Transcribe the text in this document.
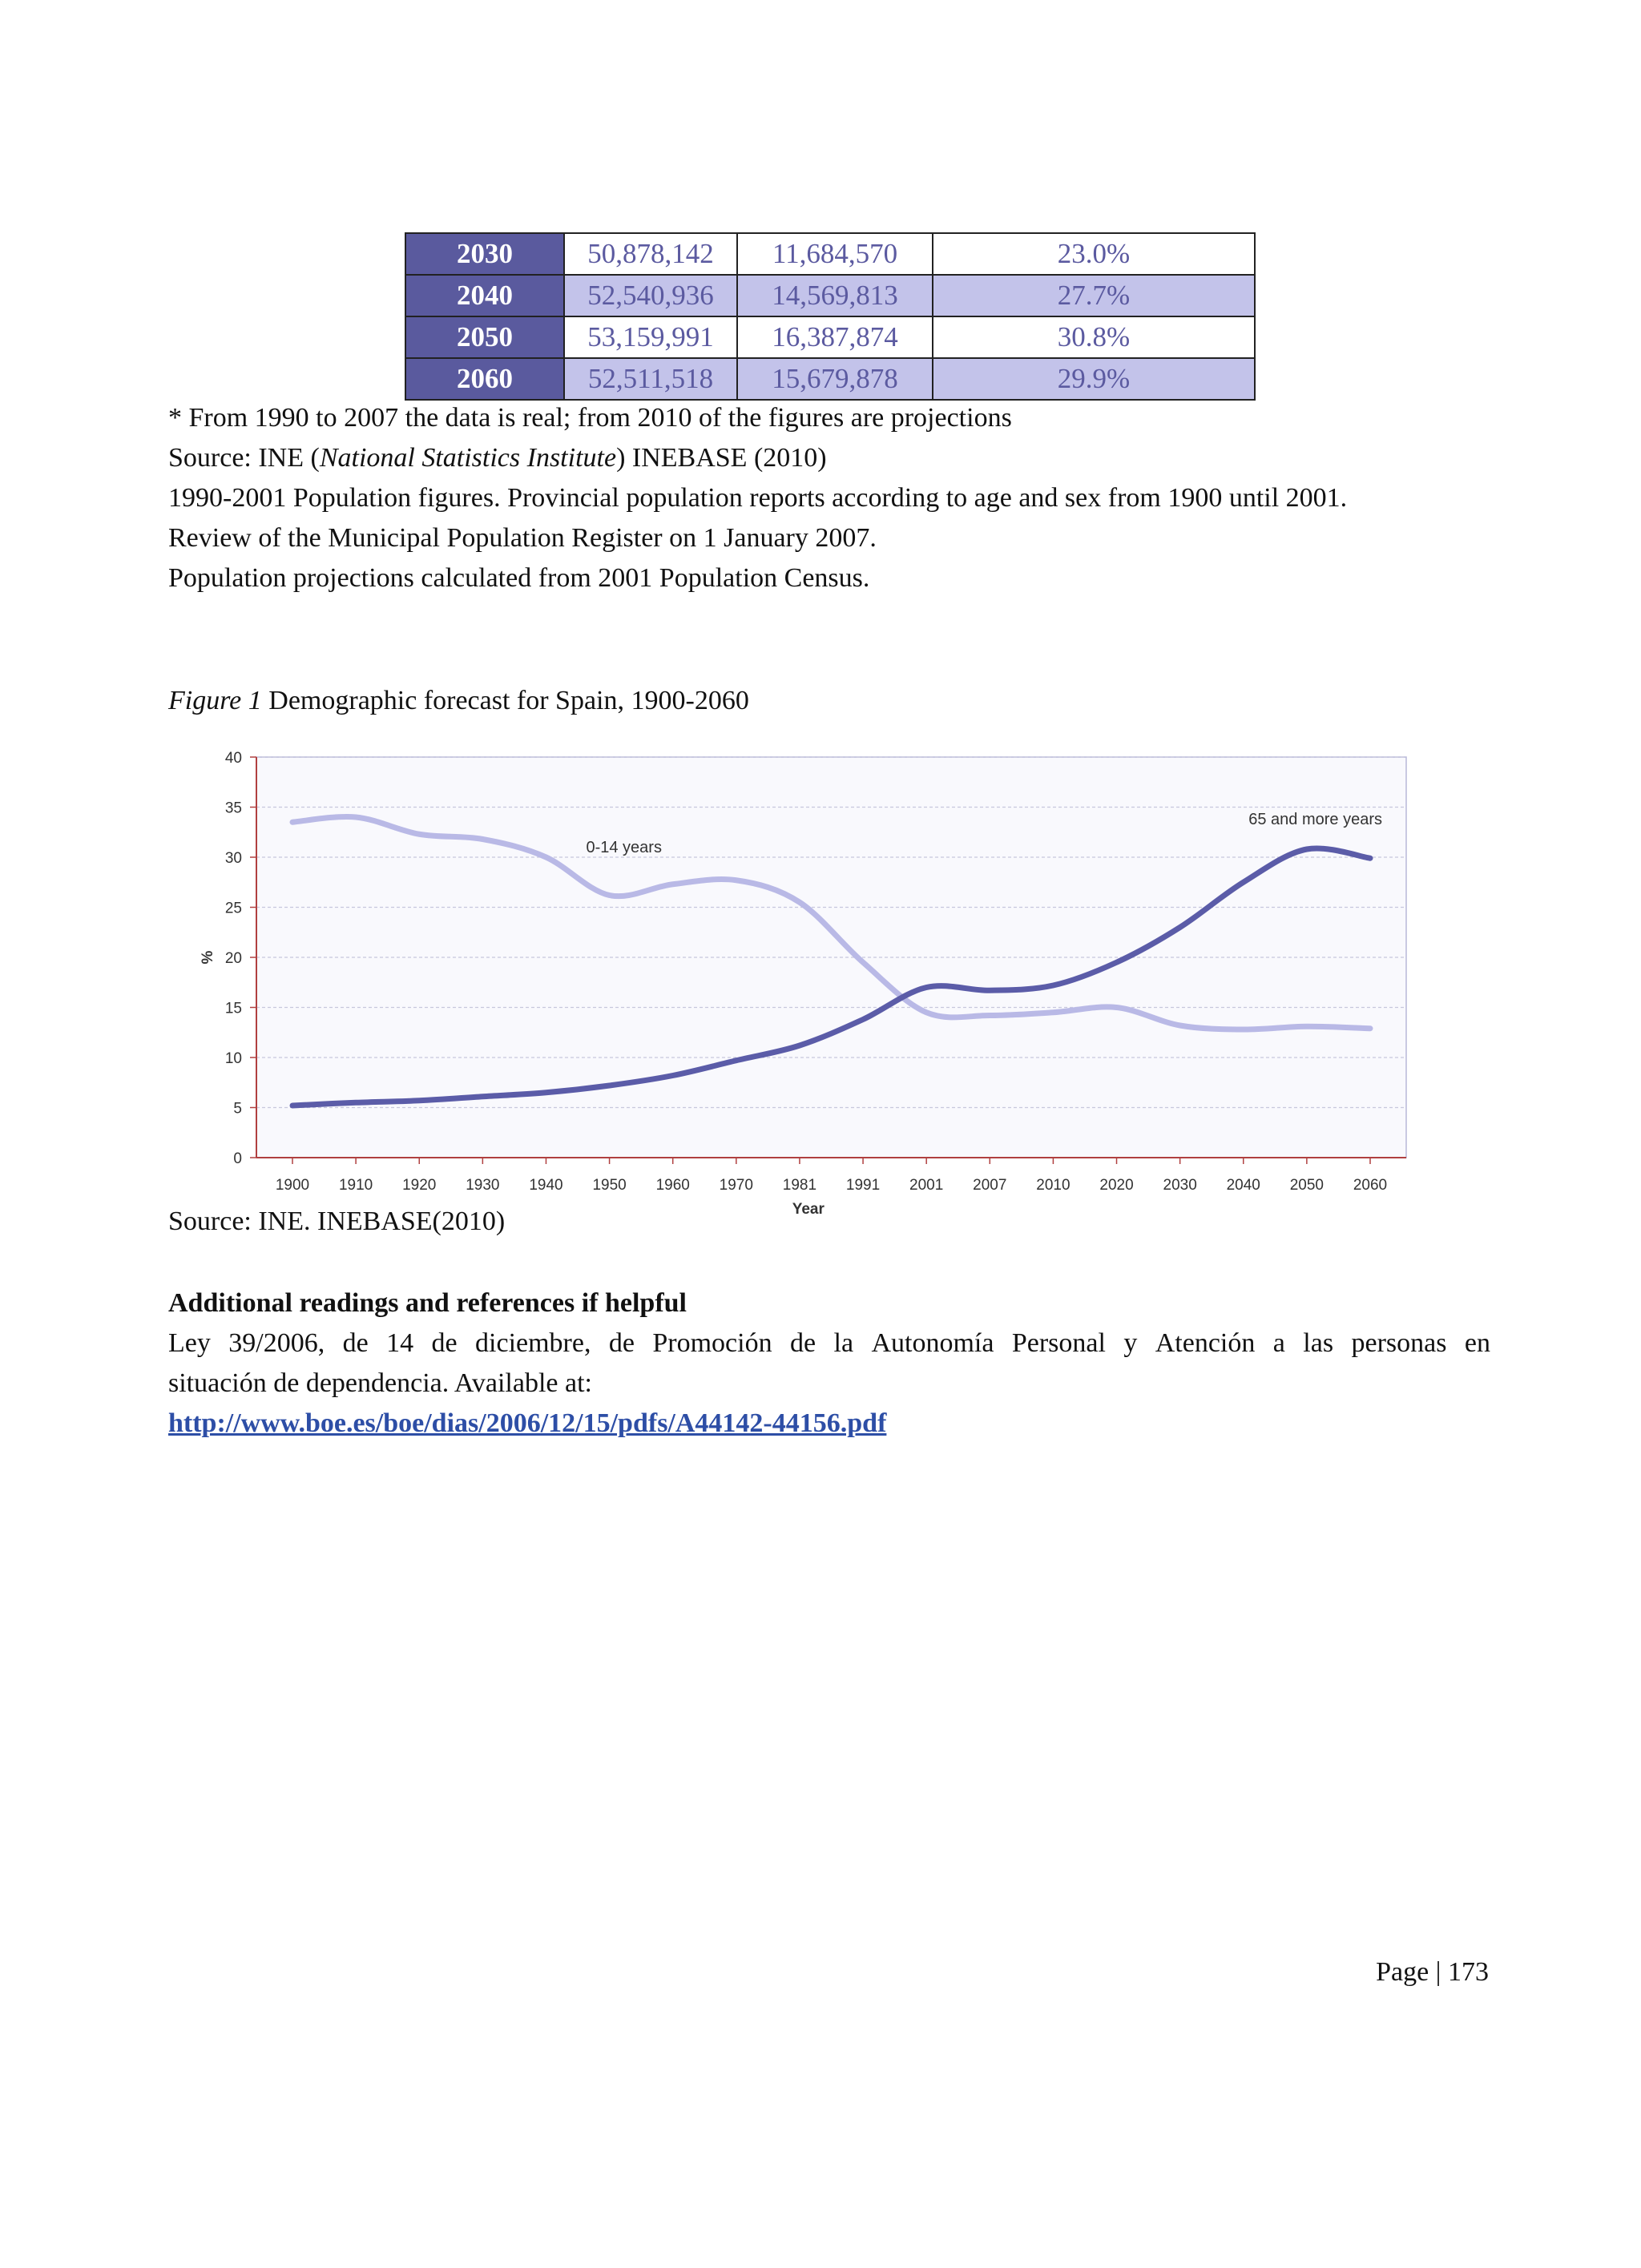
2030	50,878,142	11,684,570	23.0%
2040	52,540,936	14,569,813	27.7%
2050	53,159,991	16,387,874	30.8%
2060	52,511,518	15,679,878	29.9%
* From 1990 to 2007 the data is real; from 2010 of the figures are projections
Source: INE (National Statistics Institute) INEBASE (2010)
1990-2001 Population figures. Provincial population reports according to age and sex from 1900 until 2001.
Review of the Municipal Population Register on 1 January 2007.
Population projections calculated from 2001 Population Census.
Figure 1 Demographic forecast for Spain, 1900-2060
0
5
10
15
20
25
30
35
40
1900 1910 1920 1930 1940 1950 1960 1970 1981 1991 2001 2007 2010 2020 2030 2040 2050 2060
Year
%
0-14 years
65 and more years
Source: INE. INEBASE(2010)
Additional readings and references if helpful
Ley 39/2006, de 14 de diciembre, de Promoción de la Autonomía Personal y Atención a las personas en
situación de dependencia. Available at:
http://www.boe.es/boe/dias/2006/12/15/pdfs/A44142-44156.pdf
Page | 173
